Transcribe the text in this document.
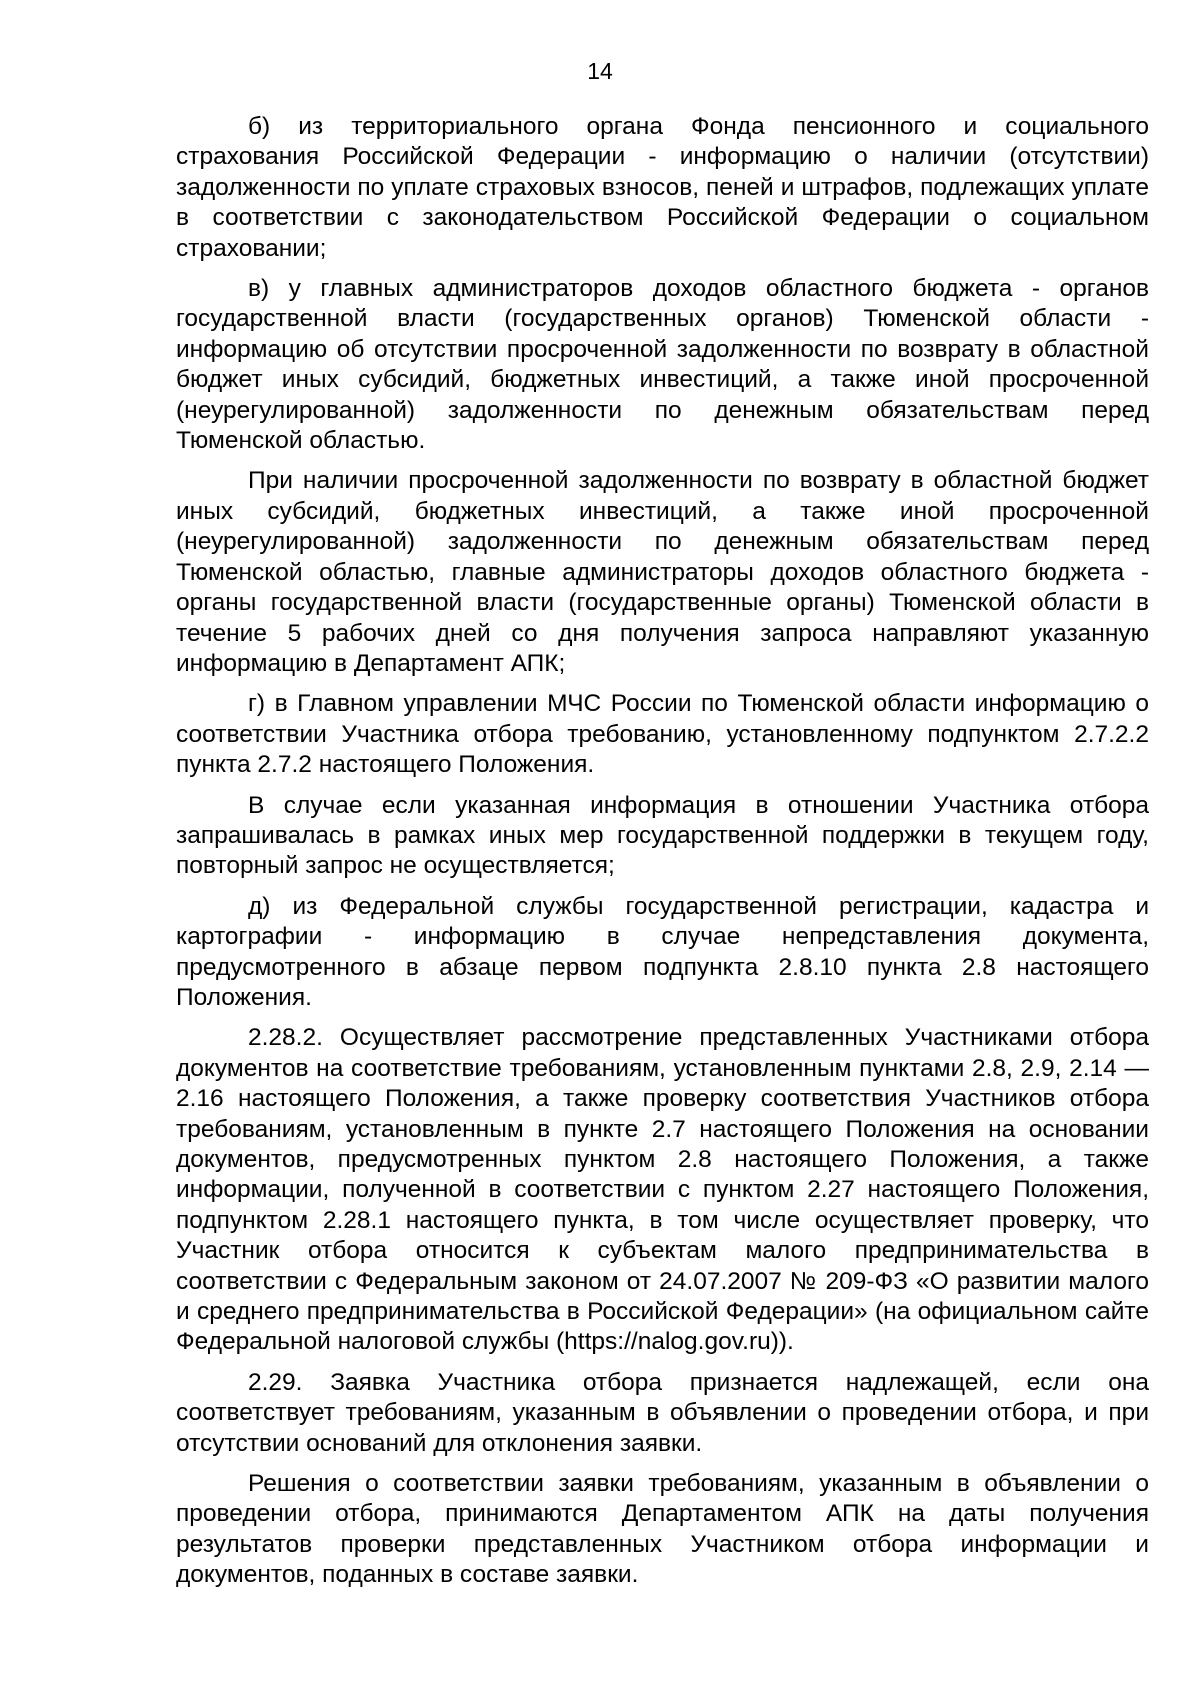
14

б) из территориального органа Фонда пенсионного и социального страхования Российской Федерации - информацию о наличии (отсутствии) задолженности по уплате страховых взносов, пеней и штрафов, подлежащих уплате в соответствии с законодательством Российской Федерации о социальном страховании;

в) у главных администраторов доходов областного бюджета - органов государственной власти (государственных органов) Тюменской области - информацию об отсутствии просроченной задолженности по возврату в областной бюджет иных субсидий, бюджетных инвестиций, а также иной просроченной (неурегулированной) задолженности по денежным обязательствам перед Тюменской областью.

При наличии просроченной задолженности по возврату в областной бюджет иных субсидий, бюджетных инвестиций, а также иной просроченной (неурегулированной) задолженности по денежным обязательствам перед Тюменской областью, главные администраторы доходов областного бюджета - органы государственной власти (государственные органы) Тюменской области в течение 5 рабочих дней со дня получения запроса направляют указанную информацию в Департамент АПК;

г) в Главном управлении МЧС России по Тюменской области информацию о соответствии Участника отбора требованию, установленному подпунктом 2.7.2.2 пункта 2.7.2 настоящего Положения.

В случае если указанная информация в отношении Участника отбора запрашивалась в рамках иных мер государственной поддержки в текущем году, повторный запрос не осуществляется;

д) из Федеральной службы государственной регистрации, кадастра и картографии - информацию в случае непредставления документа, предусмотренного в абзаце первом подпункта 2.8.10 пункта 2.8 настоящего Положения.

2.28.2. Осуществляет рассмотрение представленных Участниками отбора документов на соответствие требованиям, установленным пунктами 2.8, 2.9, 2.14 — 2.16 настоящего Положения, а также проверку соответствия Участников отбора требованиям, установленным в пункте 2.7 настоящего Положения на основании документов, предусмотренных пунктом 2.8 настоящего Положения, а также информации, полученной в соответствии с пунктом 2.27 настоящего Положения, подпунктом 2.28.1 настоящего пункта, в том числе осуществляет проверку, что Участник отбора относится к субъектам малого предпринимательства в соответствии с Федеральным законом от 24.07.2007 № 209-ФЗ «О развитии малого и среднего предпринимательства в Российской Федерации» (на официальном сайте Федеральной налоговой службы (https://nalog.gov.ru)).

2.29. Заявка Участника отбора признается надлежащей, если она соответствует требованиям, указанным в объявлении о проведении отбора, и при отсутствии оснований для отклонения заявки.

Решения о соответствии заявки требованиям, указанным в объявлении о проведении отбора, принимаются Департаментом АПК на даты получения результатов проверки представленных Участником отбора информации и документов, поданных в составе заявки.
